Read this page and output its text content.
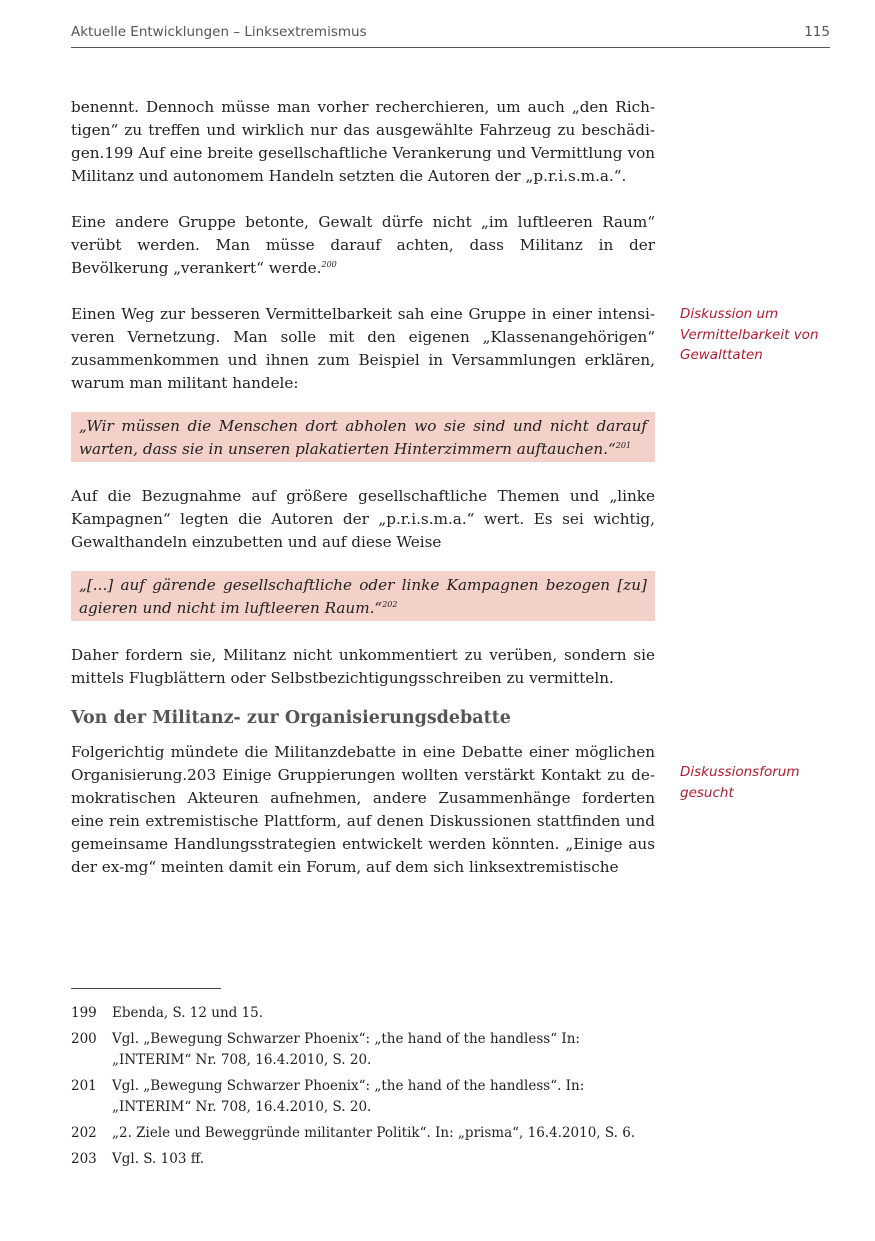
Aktuelle Entwicklungen – Linksextremismus	115

benennt. Dennoch müsse man vorher recherchieren, um auch „den Richtigen“ zu treffen und wirklich nur das ausgewählte Fahrzeug zu beschädigen.199 Auf eine breite gesellschaftliche Verankerung und Vermittlung von Militanz und autonomem Handeln setzten die Autoren der „p.r.i.s.m.a.“.

Eine andere Gruppe betonte, Gewalt dürfe nicht „im luftleeren Raum“ verübt werden. Man müsse darauf achten, dass Militanz in der Bevölkerung „verankert“ werde.$^{200}$

Einen Weg zur besseren Vermittelbarkeit sah eine Gruppe in einer intensiveren Vernetzung. Man solle mit den eigenen „Klassenangehörigen“ zusammenkommen und ihnen zum Beispiel in Versammlungen erklären, warum man militant handele:

„Wir müssen die Menschen dort abholen wo sie sind und nicht darauf warten, dass sie in unseren plakatierten Hinterzimmern auftauchen.“$^{201}$

Auf die Bezugnahme auf größere gesellschaftliche Themen und „linke Kampagnen“ legten die Autoren der „p.r.i.s.m.a.“ wert. Es sei wichtig, Gewalthandeln einzubetten und auf diese Weise

„[...] auf gärende gesellschaftliche oder linke Kampagnen bezogen [zu] agieren und nicht im luftleeren Raum.“$^{202}$

Daher fordern sie, Militanz nicht unkommentiert zu verüben, sondern sie mittels Flugblättern oder Selbstbezichtigungsschreiben zu vermitteln.

Von der Militanz- zur Organisierungsdebatte

Folgerichtig mündete die Militanzdebatte in eine Debatte einer möglichen Organisierung.203 Einige Gruppierungen wollten verstärkt Kontakt zu demokratischen Akteuren aufnehmen, andere Zusammenhänge forderten eine rein extremistische Plattform, auf denen Diskussionen stattfinden und gemeinsame Handlungsstrategien entwickelt werden könnten. „Einige aus der ex-mg“ meinten damit ein Forum, auf dem sich linksextremistische

Diskussion um Vermittelbarkeit von Gewalttaten
Diskussionsforum gesucht
199	Ebenda, S. 12 und 15.
200	Vgl. „Bewegung Schwarzer Phoenix“: „the hand of the handless“ In: „INTERIM“ Nr. 708, 16.4.2010, S. 20.
201	Vgl. „Bewegung Schwarzer Phoenix“: „the hand of the handless“. In: „INTERIM“ Nr. 708, 16.4.2010, S. 20.
202	„2. Ziele und Beweggründe militanter Politik“. In: „prisma“, 16.4.2010, S. 6.
203	Vgl. S. 103 ff.
